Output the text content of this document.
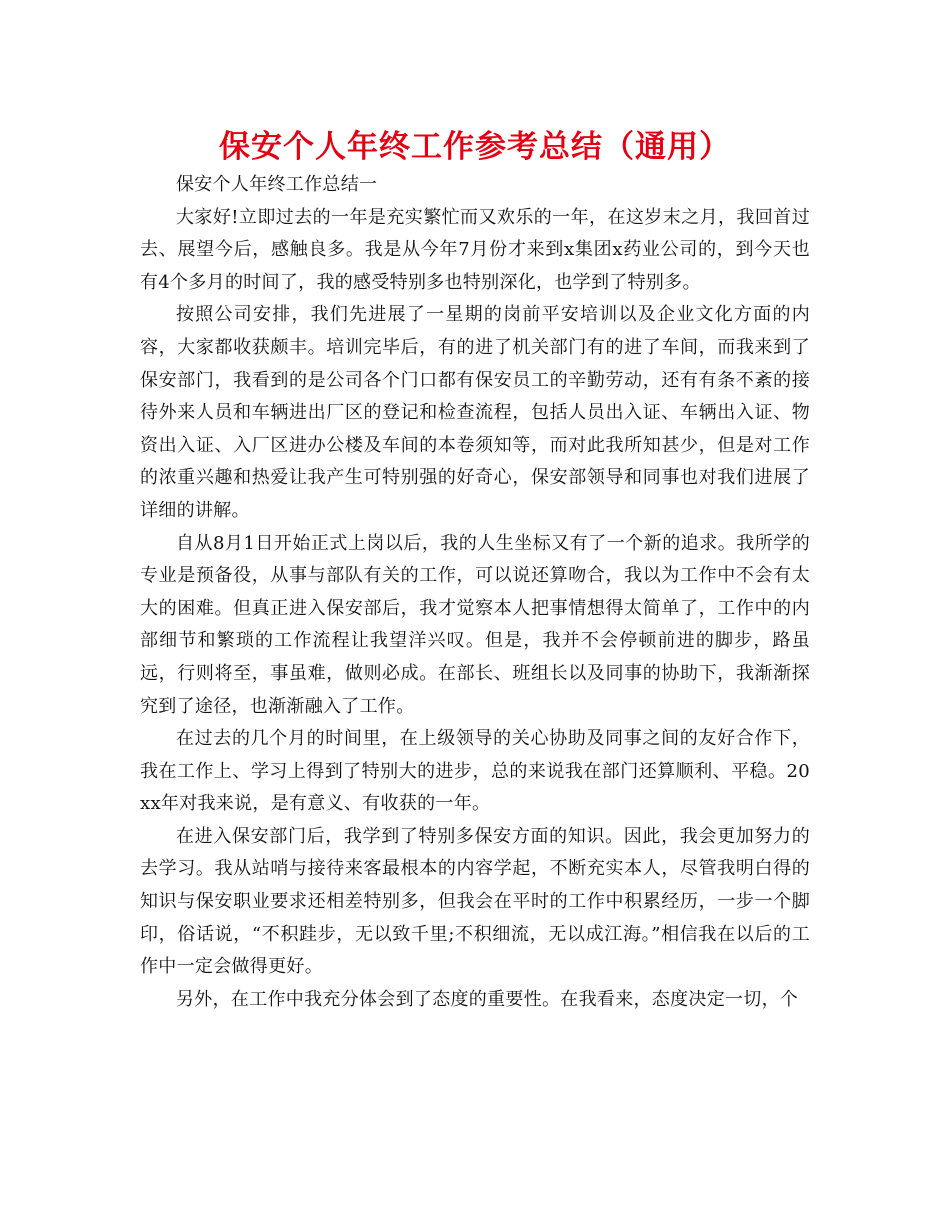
保安个人年终工作参考总结（通用）

保安个人年终工作总结一

大家好!立即过去的一年是充实繁忙而又欢乐的一年，在这岁末之月，我回首过去、展望今后，感触良多。我是从今年7月份才来到x集团x药业公司的，到今天也有4个多月的时间了，我的感受特别多也特别深化，也学到了特别多。

按照公司安排，我们先进展了一星期的岗前平安培训以及企业文化方面的内容，大家都收获颇丰。培训完毕后，有的进了机关部门有的进了车间，而我来到了保安部门，我看到的是公司各个门口都有保安员工的辛勤劳动，还有有条不紊的接待外来人员和车辆进出厂区的登记和检查流程，包括人员出入证、车辆出入证、物资出入证、入厂区进办公楼及车间的本卷须知等，而对此我所知甚少，但是对工作的浓重兴趣和热爱让我产生可特别强的好奇心，保安部领导和同事也对我们进展了详细的讲解。

自从8月1日开始正式上岗以后，我的人生坐标又有了一个新的追求。我所学的专业是预备役，从事与部队有关的工作，可以说还算吻合，我以为工作中不会有太大的困难。但真正进入保安部后，我才觉察本人把事情想得太简单了，工作中的内部细节和繁琐的工作流程让我望洋兴叹。但是，我并不会停顿前进的脚步，路虽远，行则将至，事虽难，做则必成。在部长、班组长以及同事的协助下，我渐渐探究到了途径，也渐渐融入了工作。

在过去的几个月的时间里，在上级领导的关心协助及同事之间的友好合作下，我在工作上、学习上得到了特别大的进步，总的来说我在部门还算顺利、平稳。20xx年对我来说，是有意义、有收获的一年。

在进入保安部门后，我学到了特别多保安方面的知识。因此，我会更加努力的去学习。我从站哨与接待来客最根本的内容学起，不断充实本人，尽管我明白得的知识与保安职业要求还相差特别多，但我会在平时的工作中积累经历，一步一个脚印，俗话说，“不积跬步，无以致千里;不积细流，无以成江海。”相信我在以后的工作中一定会做得更好。

另外，在工作中我充分体会到了态度的重要性。在我看来，态度决定一切，个
